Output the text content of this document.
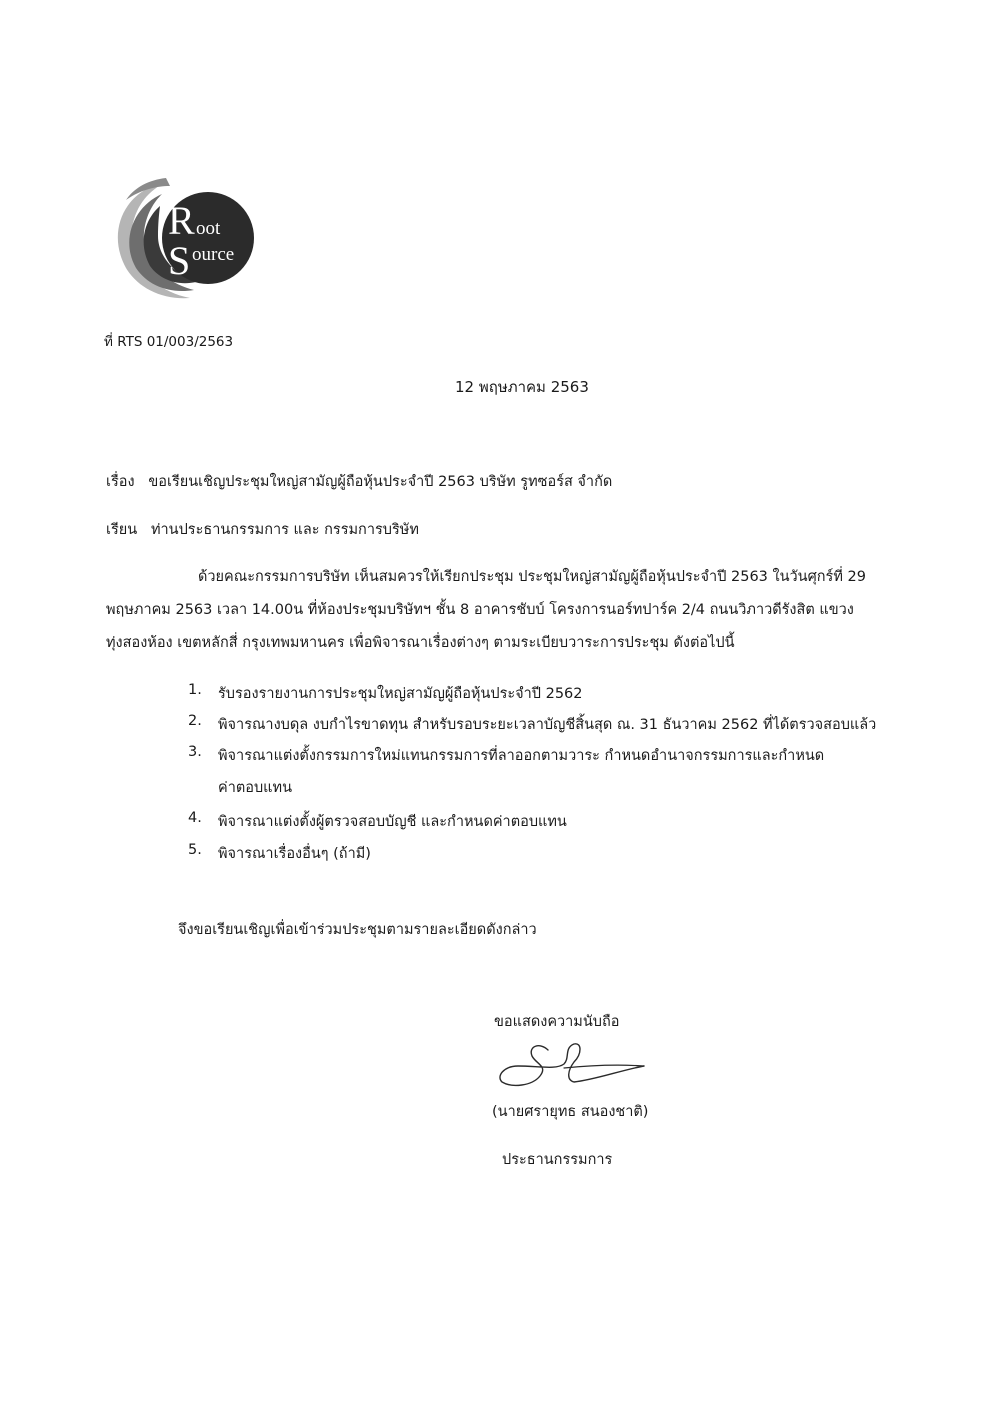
R oot
S ource
ที่ RTS 01/003/2563
12 พฤษภาคม 2563
เรื่อง ขอเรียนเชิญประชุมใหญ่สามัญผู้ถือหุ้นประจำปี 2563 บริษัท รูทซอร์ส จำกัด
เรียน ท่านประธานกรรมการ และ กรรมการบริษัท
ด้วยคณะกรรมการบริษัท เห็นสมควรให้เรียกประชุม ประชุมใหญ่สามัญผู้ถือหุ้นประจำปี 2563 ในวันศุกร์ที่ 29
พฤษภาคม 2563 เวลา 14.00น ที่ห้องประชุมบริษัทฯ ชั้น 8 อาคารชับบ์ โครงการนอร์ทปาร์ค 2/4 ถนนวิภาวดีรังสิต แขวง
ทุ่งสองห้อง เขตหลักสี่ กรุงเทพมหานคร เพื่อพิจารณาเรื่องต่างๆ ตามระเบียบวาระการประชุม ดังต่อไปนี้
1.	รับรองรายงานการประชุมใหญ่สามัญผู้ถือหุ้นประจำปี 2562
2.	พิจารณางบดุล งบกำไรขาดทุน สำหรับรอบระยะเวลาบัญชีสิ้นสุด ณ. 31 ธันวาคม 2562 ที่ได้ตรวจสอบแล้ว
3.	พิจารณาแต่งตั้งกรรมการใหม่แทนกรรมการที่ลาออกตามวาระ กำหนดอำนาจกรรมการและกำหนด
ค่าตอบแทน
4.	พิจารณาแต่งตั้งผู้ตรวจสอบบัญชี และกำหนดค่าตอบแทน
5.	พิจารณาเรื่องอื่นๆ (ถ้ามี)
จึงขอเรียนเชิญเพื่อเข้าร่วมประชุมตามรายละเอียดดังกล่าว
ขอแสดงความนับถือ
(นายศรายุทธ สนองชาติ)
ประธานกรรมการ
